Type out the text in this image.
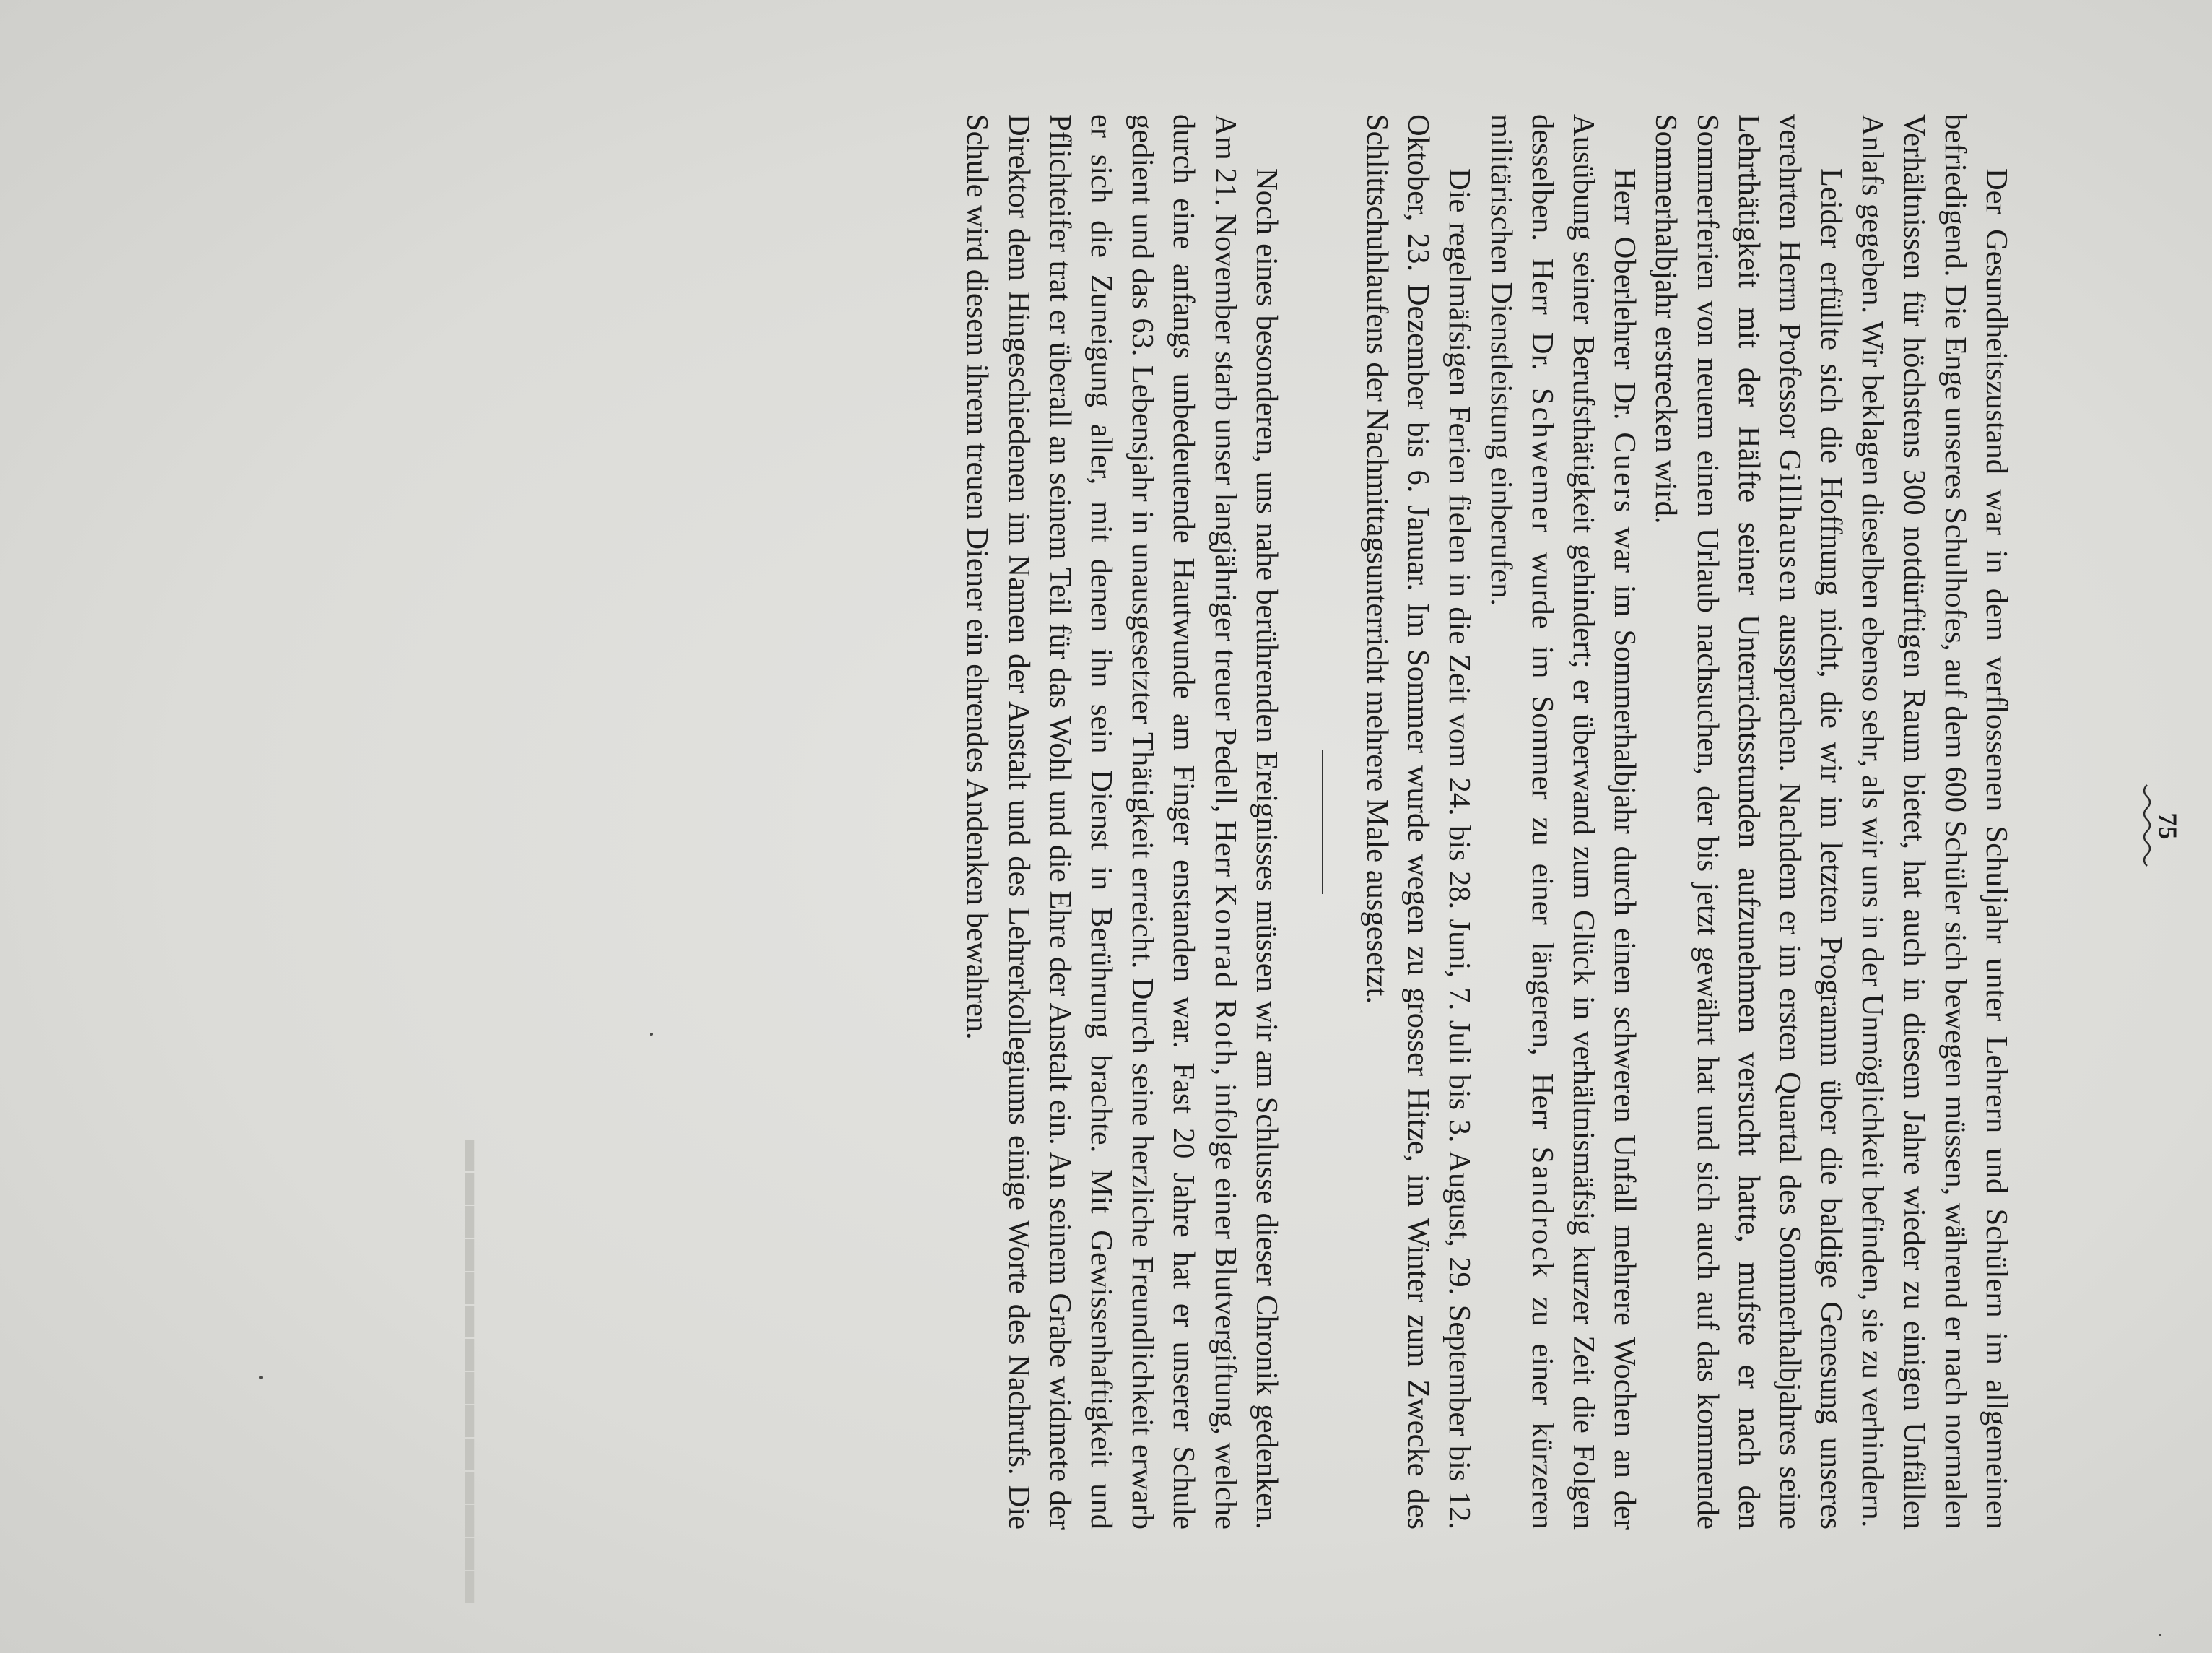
75

Der Gesundheitszustand war in dem verflossenen Schuljahr unter Lehrern und Schülern im allgemeinen befriedigend. Die Enge unseres Schulhofes, auf dem 600 Schüler sich bewegen müssen, während er nach normalen Verhältnissen für höchstens 300 notdürftigen Raum bietet, hat auch in diesem Jahre wieder zu einigen Unfällen Anlafs gegeben. Wir beklagen dieselben ebenso sehr, als wir uns in der Unmöglichkeit befinden, sie zu verhindern.

Leider erfüllte sich die Hoffnung nicht, die wir im letzten Programm über die baldige Genesung unseres verehrten Herrn Professor Gillhausen aussprachen. Nachdem er im ersten Quartal des Sommerhalbjahres seine Lehrthätigkeit mit der Hälfte seiner Unterrichtsstunden aufzunehmen versucht hatte, mufste er nach den Sommerferien von neuem einen Urlaub nachsuchen, der bis jetzt gewährt hat und sich auch auf das kommende Sommerhalbjahr erstrecken wird.

Herr Oberlehrer Dr. Cuers war im Sommerhalbjahr durch einen schweren Unfall mehrere Wochen an der Ausübung seiner Berufsthätigkeit gehindert; er überwand zum Glück in verhältnismäfsig kurzer Zeit die Folgen desselben. Herr Dr. Schwemer wurde im Sommer zu einer längeren, Herr Sandrock zu einer kürzeren militärischen Dienstleistung einberufen.

Die regelmäfsigen Ferien fielen in die Zeit vom 24. bis 28. Juni, 7. Juli bis 3. August, 29. September bis 12. Oktober, 23. Dezember bis 6. Januar. Im Sommer wurde wegen zu grosser Hitze, im Winter zum Zwecke des Schlittschuhlaufens der Nachmittagsunterricht mehrere Male ausgesetzt.

Noch eines besonderen, uns nahe berührenden Ereignisses müssen wir am Schlusse dieser Chronik gedenken. Am 21. November starb unser langjähriger treuer Pedell, Herr Konrad Roth, infolge einer Blutvergiftung, welche durch eine anfangs unbedeutende Hautwunde am Finger enstanden war. Fast 20 Jahre hat er unserer Schule gedient und das 63. Lebensjahr in unausgesetzter Thätigkeit erreicht. Durch seine herzliche Freundlichkeit erwarb er sich die Zuneigung aller, mit denen ihn sein Dienst in Berührung brachte. Mit Gewissenhaftigkeit und Pflichteifer trat er überall an seinem Teil für das Wohl und die Ehre der Anstalt ein. An seinem Grabe widmete der Direktor dem Hingeschiedenen im Namen der Anstalt und des Lehrerkollegiums einige Worte des Nachrufs. Die Schule wird diesem ihrem treuen Diener ein ehrendes Andenken bewahren.

▬▬▬▬▬▬▬▬▬▬▬▬▬▬
